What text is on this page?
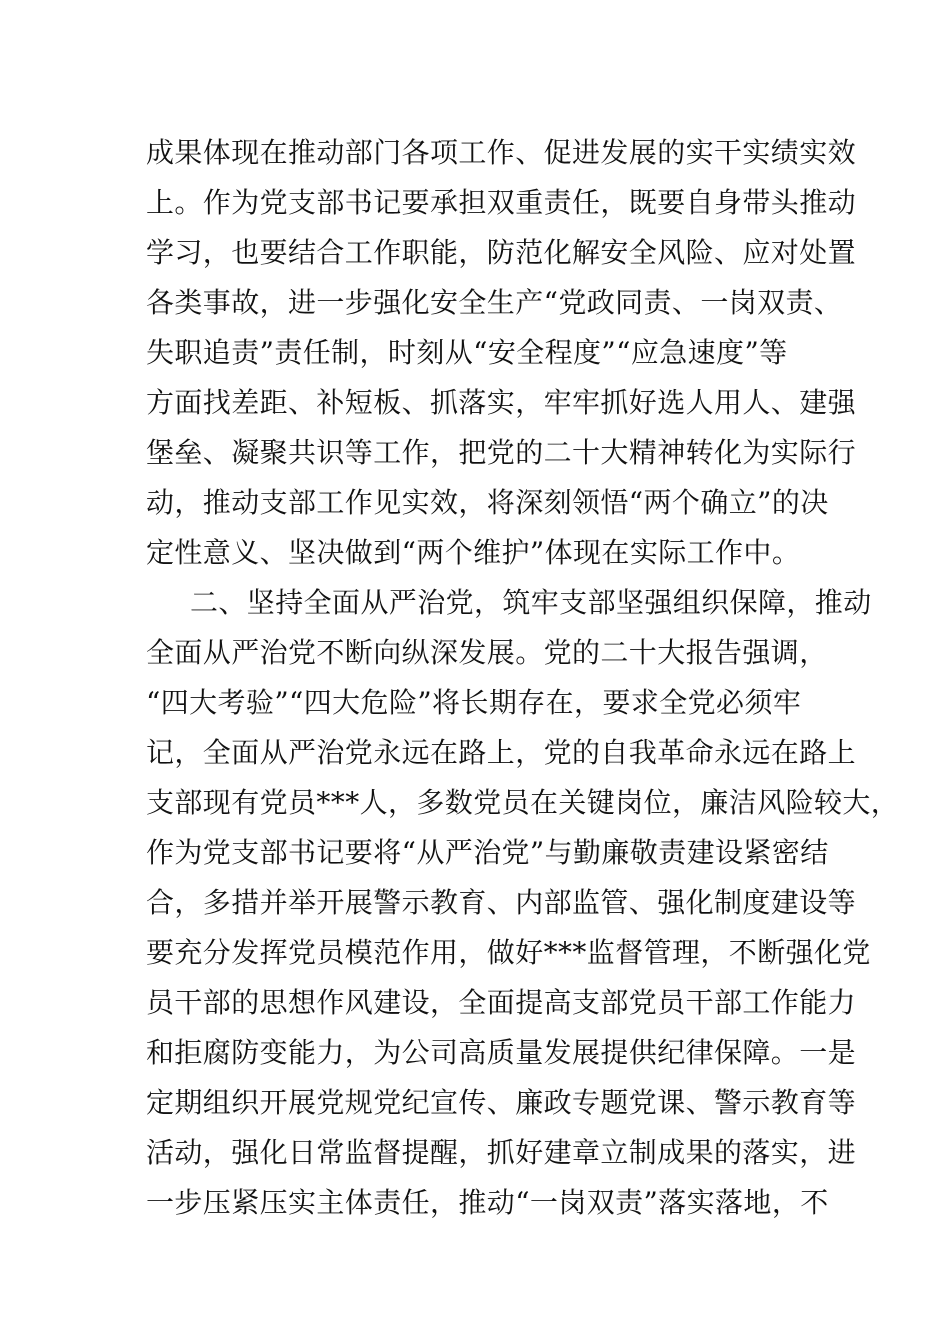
成果体现在推动部门各项工作、促进发展的实干实绩实效
上。作为党支部书记要承担双重责任，既要自身带头推动
学习，也要结合工作职能，防范化解安全风险、应对处置
各类事故，进一步强化安全生产“党政同责、一岗双责、
失职追责”责任制，时刻从“安全程度”“应急速度”等
方面找差距、补短板、抓落实，牢牢抓好选人用人、建强
堡垒、凝聚共识等工作，把党的二十大精神转化为实际行
动，推动支部工作见实效，将深刻领悟“两个确立”的决
定性意义、坚决做到“两个维护”体现在实际工作中。
二、坚持全面从严治党，筑牢支部坚强组织保障，推动
全面从严治党不断向纵深发展。党的二十大报告强调，
“四大考验”“四大危险”将长期存在，要求全党必须牢
记，全面从严治党永远在路上，党的自我革命永远在路上
支部现有党员***人，多数党员在关键岗位，廉洁风险较大，
作为党支部书记要将“从严治党”与勤廉敬责建设紧密结
合，多措并举开展警示教育、内部监管、强化制度建设等
要充分发挥党员模范作用，做好***监督管理，不断强化党
员干部的思想作风建设，全面提高支部党员干部工作能力
和拒腐防变能力，为公司高质量发展提供纪律保障。一是
定期组织开展党规党纪宣传、廉政专题党课、警示教育等
活动，强化日常监督提醒，抓好建章立制成果的落实，进
一步压紧压实主体责任，推动“一岗双责”落实落地，不
